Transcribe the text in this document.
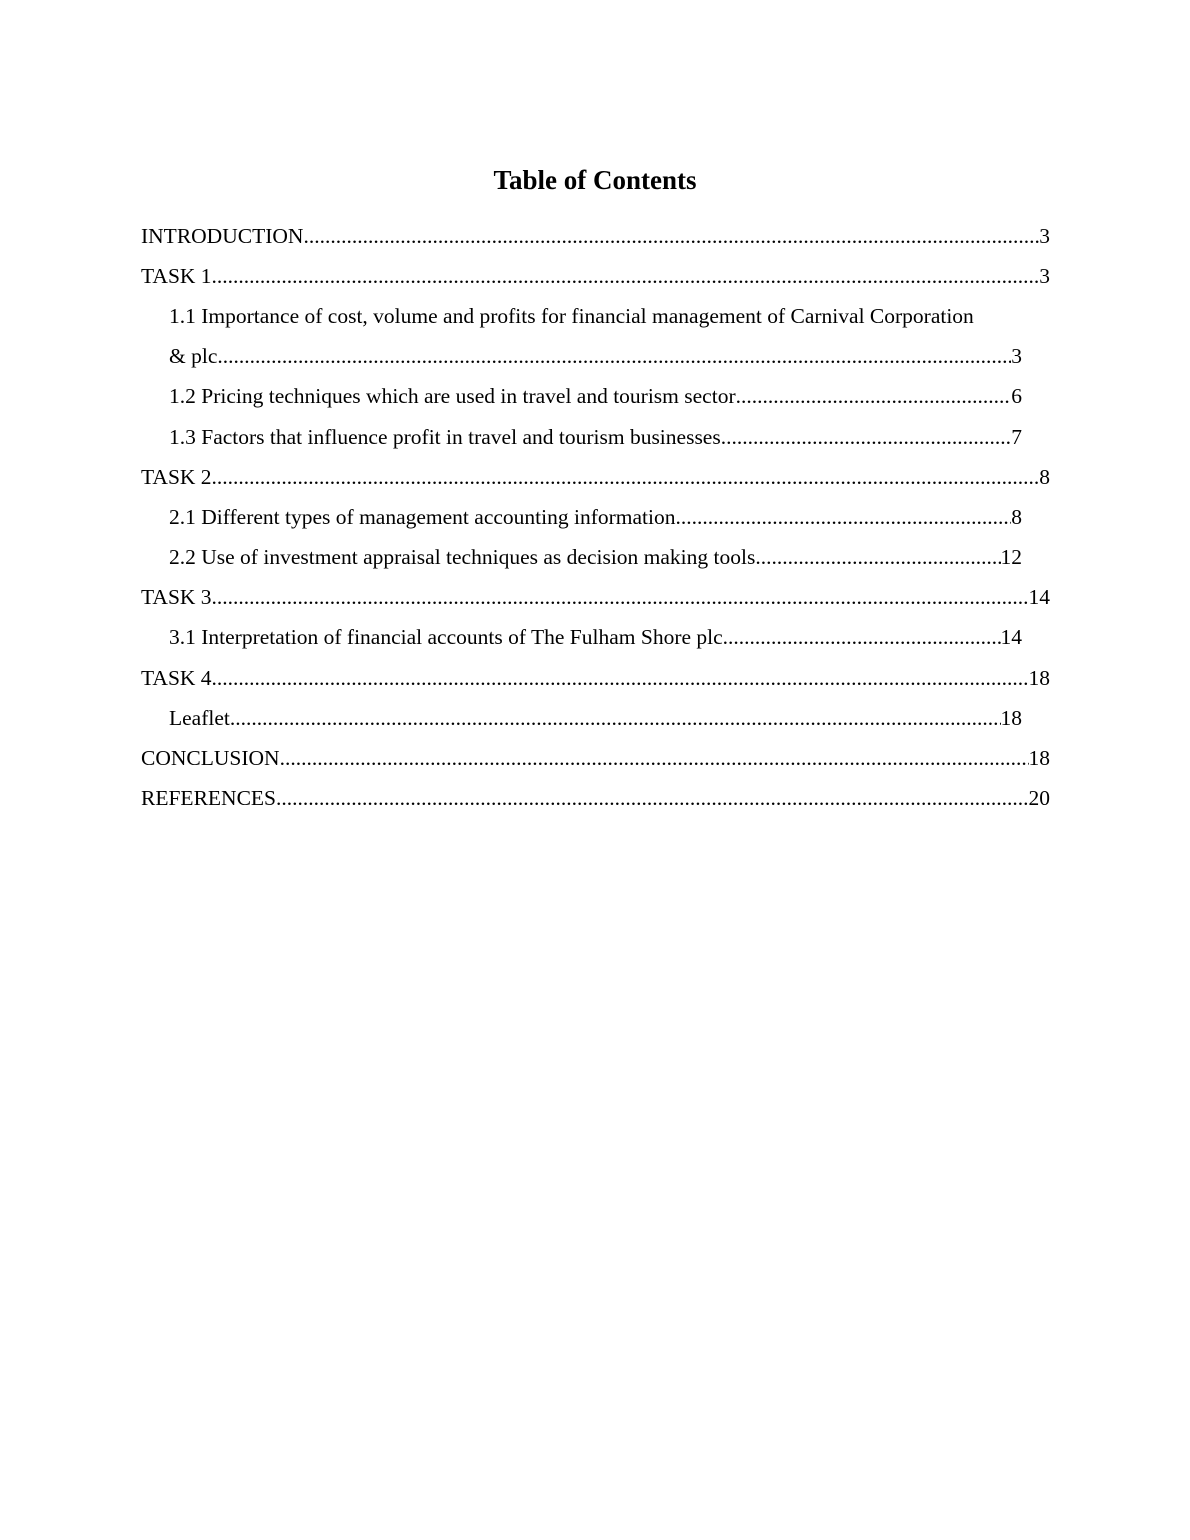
Table of Contents
INTRODUCTION .....	3
TASK 1 .....	3
1.1 Importance of cost, volume and profits for financial management of Carnival Corporation
& plc .....	3
1.2 Pricing techniques which are used in travel and tourism sector .....	6
1.3 Factors that influence profit in travel and tourism businesses .....	7
TASK 2 .....	8
2.1 Different types of management accounting information .....	8
2.2 Use of investment appraisal techniques as decision making tools .....	12
TASK 3 .....	14
3.1 Interpretation of financial accounts of The Fulham Shore plc .....	14
TASK 4 .....	18
Leaflet .....	18
CONCLUSION .....	18
REFERENCES .....	20
